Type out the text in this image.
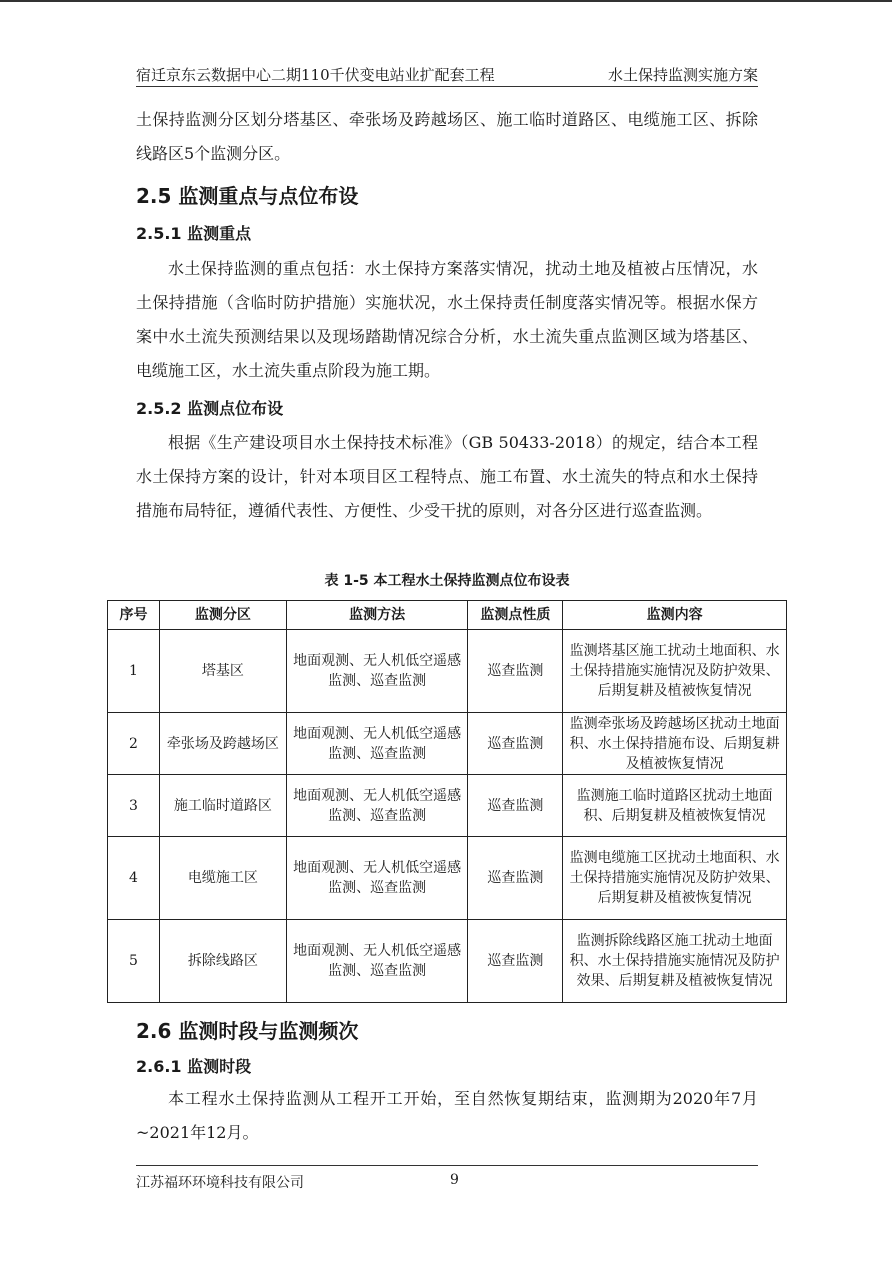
宿迁京东云数据中心二期110千伏变电站业扩配套工程	水土保持监测实施方案

土保持监测分区划分塔基区、牵张场及跨越场区、施工临时道路区、电缆施工区、拆除线路区5个监测分区。

2.5 监测重点与点位布设
2.5.1 监测重点

水土保持监测的重点包括：水土保持方案落实情况，扰动土地及植被占压情况，水土保持措施（含临时防护措施）实施状况，水土保持责任制度落实情况等。根据水保方案中水土流失预测结果以及现场踏勘情况综合分析，水土流失重点监测区域为塔基区、电缆施工区，水土流失重点阶段为施工期。

2.5.2 监测点位布设

根据《生产建设项目水土保持技术标准》（GB 50433-2018）的规定，结合本工程水土保持方案的设计，针对本项目区工程特点、施工布置、水土流失的特点和水土保持措施布局特征，遵循代表性、方便性、少受干扰的原则，对各分区进行巡查监测。

表 1-5 本工程水土保持监测点位布设表
序号	监测分区	监测方法	监测点性质	监测内容
1	塔基区	地面观测、无人机低空遥感监测、巡查监测	巡查监测	监测塔基区施工扰动土地面积、水土保持措施实施情况及防护效果、后期复耕及植被恢复情况
2	牵张场及跨越场区	地面观测、无人机低空遥感监测、巡查监测	巡查监测	监测牵张场及跨越场区扰动土地面积、水土保持措施布设、后期复耕及植被恢复情况
3	施工临时道路区	地面观测、无人机低空遥感监测、巡查监测	巡查监测	监测施工临时道路区扰动土地面积、后期复耕及植被恢复情况
4	电缆施工区	地面观测、无人机低空遥感监测、巡查监测	巡查监测	监测电缆施工区扰动土地面积、水土保持措施实施情况及防护效果、后期复耕及植被恢复情况
5	拆除线路区	地面观测、无人机低空遥感监测、巡查监测	巡查监测	监测拆除线路区施工扰动土地面积、水土保持措施实施情况及防护效果、后期复耕及植被恢复情况
2.6 监测时段与监测频次
2.6.1 监测时段

本工程水土保持监测从工程开工开始，至自然恢复期结束，监测期为2020年7月~2021年12月。

江苏福环环境科技有限公司	9
